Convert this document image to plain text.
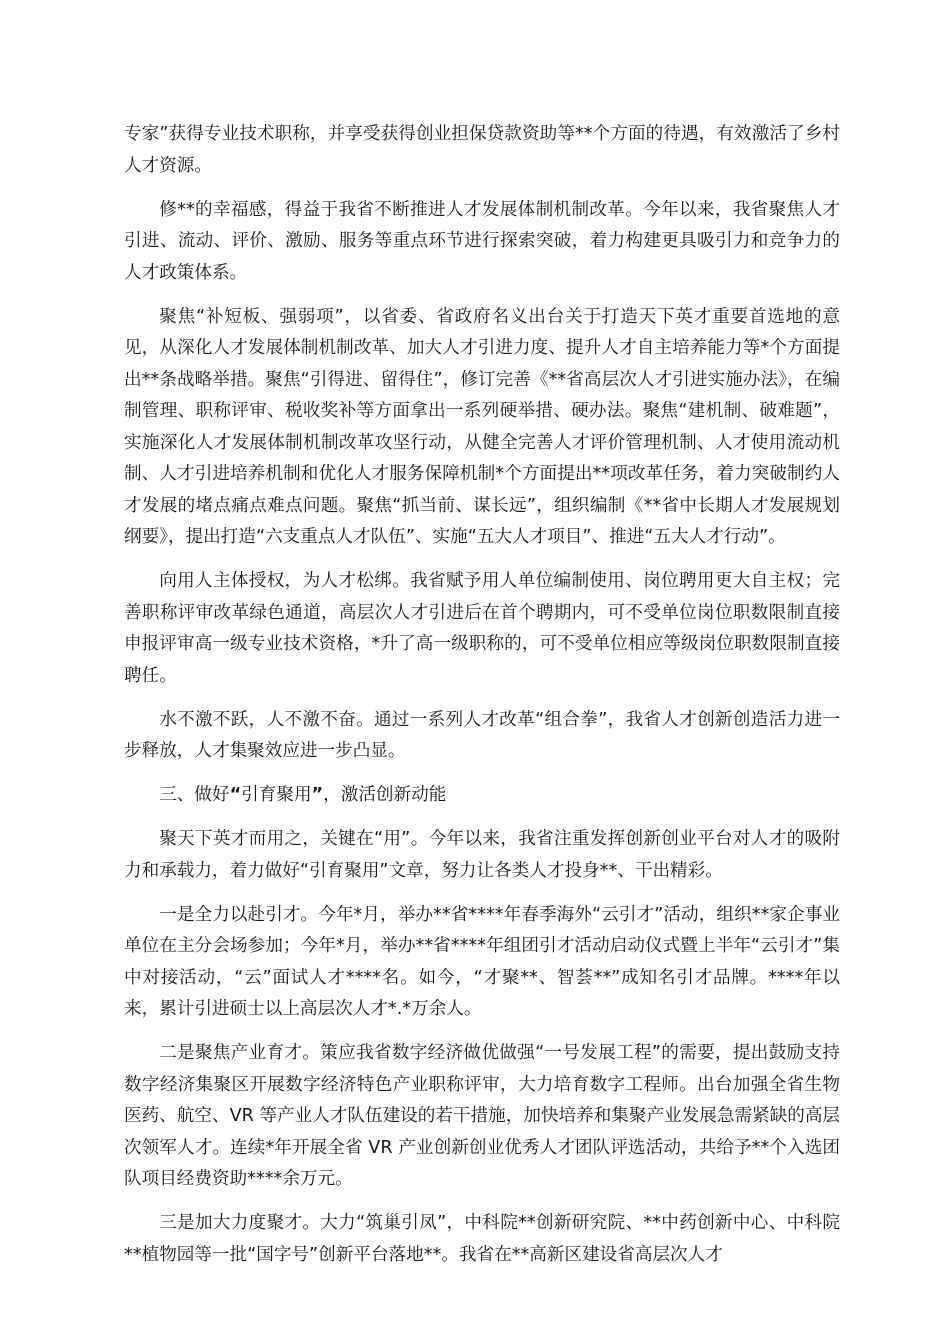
专家”获得专业技术职称，并享受获得创业担保贷款资助等**个方面的待遇，有效激活了乡村人才资源。

修**的幸福感，得益于我省不断推进人才发展体制机制改革。今年以来，我省聚焦人才引进、流动、评价、激励、服务等重点环节进行探索突破，着力构建更具吸引力和竞争力的人才政策体系。

聚焦“补短板、强弱项”，以省委、省政府名义出台关于打造天下英才重要首选地的意见，从深化人才发展体制机制改革、加大人才引进力度、提升人才自主培养能力等*个方面提出**条战略举措。聚焦“引得进、留得住”，修订完善《**省高层次人才引进实施办法》，在编制管理、职称评审、税收奖补等方面拿出一系列硬举措、硬办法。聚焦“建机制、破难题”，实施深化人才发展体制机制改革攻坚行动，从健全完善人才评价管理机制、人才使用流动机制、人才引进培养机制和优化人才服务保障机制*个方面提出**项改革任务，着力突破制约人才发展的堵点痛点难点问题。聚焦“抓当前、谋长远”，组织编制《**省中长期人才发展规划纲要》，提出打造“六支重点人才队伍”、实施“五大人才项目”、推进“五大人才行动”。

向用人主体授权，为人才松绑。我省赋予用人单位编制使用、岗位聘用更大自主权；完善职称评审改革绿色通道，高层次人才引进后在首个聘期内，可不受单位岗位职数限制直接申报评审高一级专业技术资格，*升了高一级职称的，可不受单位相应等级岗位职数限制直接聘任。

水不激不跃，人不激不奋。通过一系列人才改革“组合拳”，我省人才创新创造活力进一步释放，人才集聚效应进一步凸显。

三、做好“引育聚用”，激活创新动能

聚天下英才而用之，关键在“用”。今年以来，我省注重发挥创新创业平台对人才的吸附力和承载力，着力做好“引育聚用”文章，努力让各类人才投身**、干出精彩。

一是全力以赴引才。今年*月，举办**省****年春季海外“云引才”活动，组织**家企事业单位在主分会场参加；今年*月，举办**省****年组团引才活动启动仪式暨上半年“云引才”集中对接活动，“云”面试人才****名。如今，“才聚**、智荟**”成知名引才品牌。****年以来，累计引进硕士以上高层次人才*.*万余人。

二是聚焦产业育才。策应我省数字经济做优做强“一号发展工程”的需要，提出鼓励支持数字经济集聚区开展数字经济特色产业职称评审，大力培育数字工程师。出台加强全省生物医药、航空、VR 等产业人才队伍建设的若干措施，加快培养和集聚产业发展急需紧缺的高层次领军人才。连续*年开展全省 VR 产业创新创业优秀人才团队评选活动，共给予**个入选团队项目经费资助****余万元。

三是加大力度聚才。大力“筑巢引凤”，中科院**创新研究院、**中药创新中心、中科院**植物园等一批“国字号”创新平台落地**。我省在**高新区建设省高层次人才
